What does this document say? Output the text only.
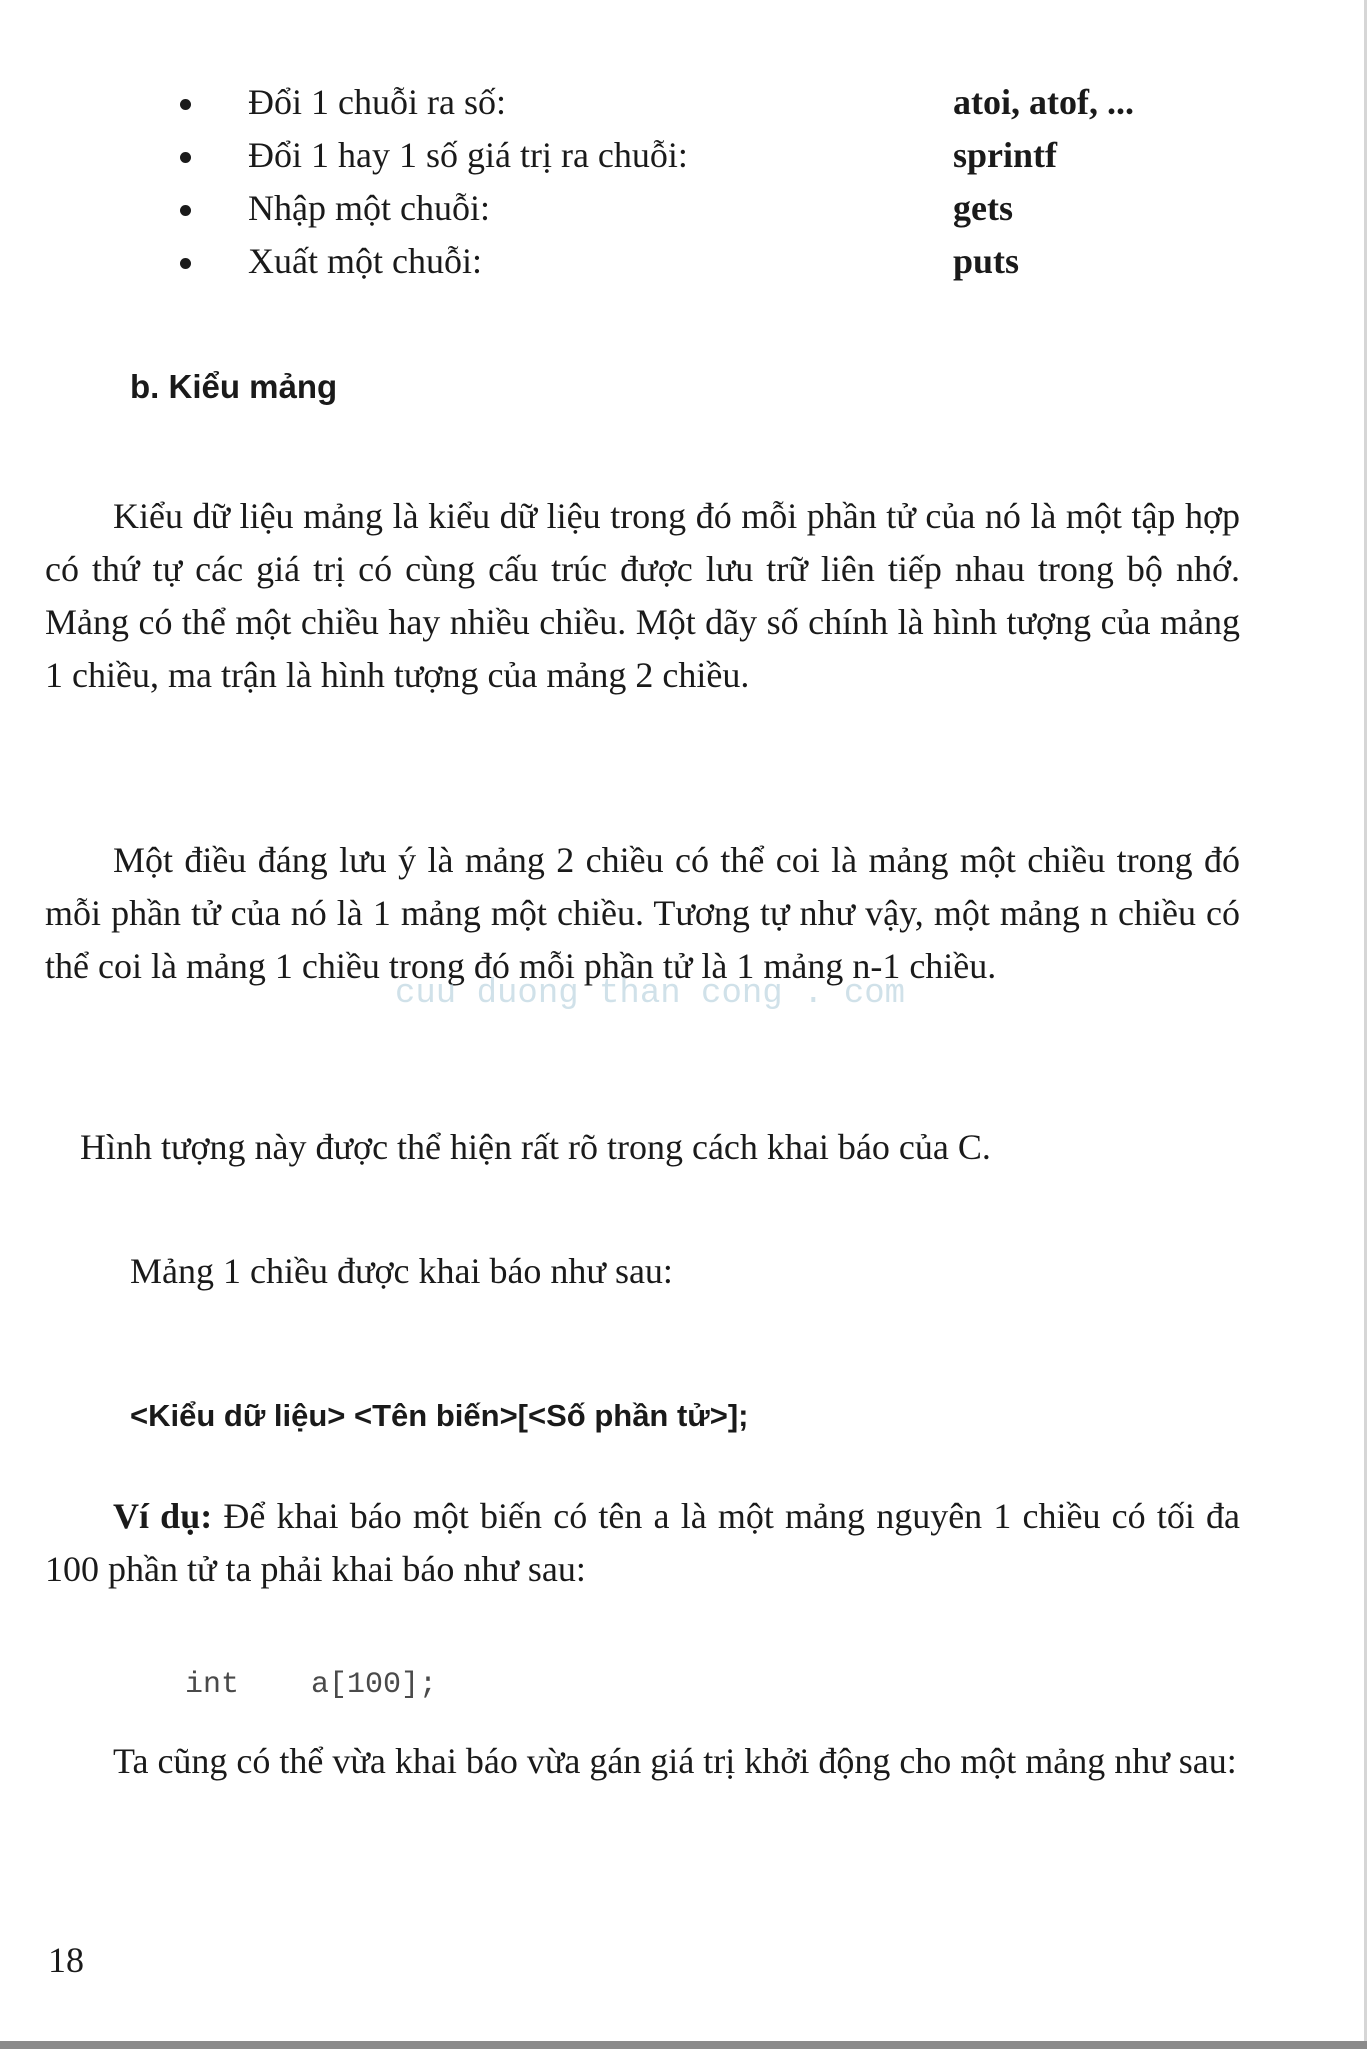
Đổi 1 chuỗi ra số:	atoi, atof, ...
Đổi 1 hay 1 số giá trị ra chuỗi:	sprintf
Nhập một chuỗi:	gets
Xuất một chuỗi:	puts
b. Kiểu mảng

Kiểu dữ liệu mảng là kiểu dữ liệu trong đó mỗi phần tử của nó là một tập hợp có thứ tự các giá trị có cùng cấu trúc được lưu trữ liên tiếp nhau trong bộ nhớ. Mảng có thể một chiều hay nhiều chiều. Một dãy số chính là hình tượng của mảng 1 chiều, ma trận là hình tượng của mảng 2 chiều.

Một điều đáng lưu ý là mảng 2 chiều có thể coi là mảng một chiều trong đó mỗi phần tử của nó là 1 mảng một chiều. Tương tự như vậy, một mảng n chiều có thể coi là mảng 1 chiều trong đó mỗi phần tử là 1 mảng n-1 chiều.

cuu duong than cong . com
Hình tượng này được thể hiện rất rõ trong cách khai báo của C.
Mảng 1 chiều được khai báo như sau:
<Kiểu dữ liệu> <Tên biến>[<Số phần tử>];

Ví dụ: Để khai báo một biến có tên a là một mảng nguyên 1 chiều có tối đa 100 phần tử ta phải khai báo như sau:

int    a[100];

Ta cũng có thể vừa khai báo vừa gán giá trị khởi động cho một mảng như sau:

18
